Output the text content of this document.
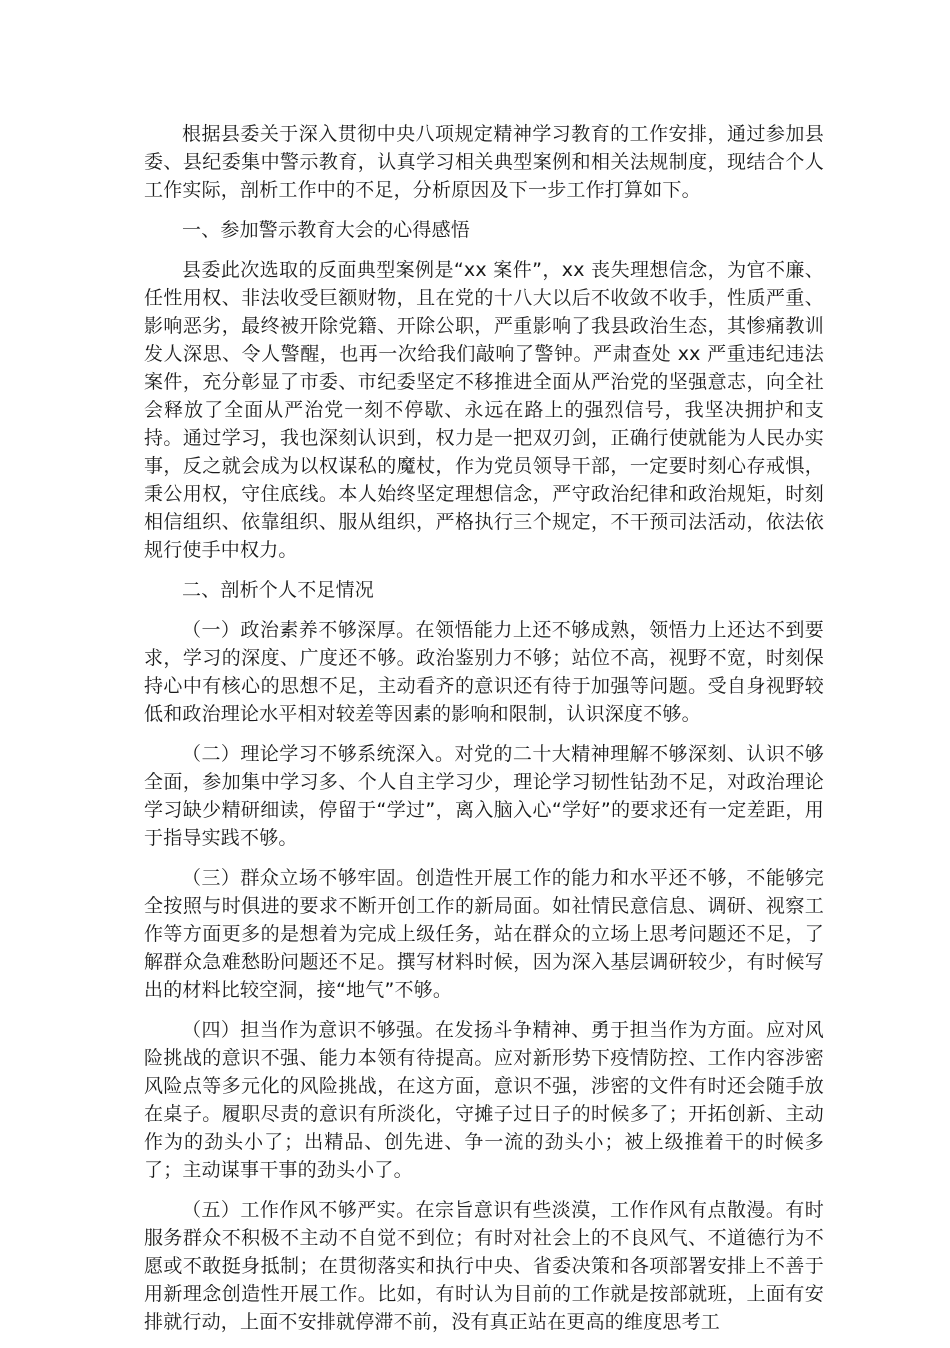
根据县委关于深入贯彻中央八项规定精神学习教育的工作安排，通过参加县委、县纪委集中警示教育，认真学习相关典型案例和相关法规制度，现结合个人工作实际，剖析工作中的不足，分析原因及下一步工作打算如下。

一、参加警示教育大会的心得感悟

县委此次选取的反面典型案例是“xx 案件”，xx 丧失理想信念，为官不廉、任性用权、非法收受巨额财物，且在党的十八大以后不收敛不收手，性质严重、影响恶劣，最终被开除党籍、开除公职，严重影响了我县政治生态，其惨痛教训发人深思、令人警醒，也再一次给我们敲响了警钟。严肃查处 xx 严重违纪违法案件，充分彰显了市委、市纪委坚定不移推进全面从严治党的坚强意志，向全社会释放了全面从严治党一刻不停歇、永远在路上的强烈信号，我坚决拥护和支持。通过学习，我也深刻认识到，权力是一把双刃剑，正确行使就能为人民办实事，反之就会成为以权谋私的魔杖，作为党员领导干部，一定要时刻心存戒惧，秉公用权，守住底线。本人始终坚定理想信念，严守政治纪律和政治规矩，时刻相信组织、依靠组织、服从组织，严格执行三个规定，不干预司法活动，依法依规行使手中权力。

二、剖析个人不足情况

（一）政治素养不够深厚。在领悟能力上还不够成熟，领悟力上还达不到要求，学习的深度、广度还不够。政治鉴别力不够；站位不高，视野不宽，时刻保持心中有核心的思想不足，主动看齐的意识还有待于加强等问题。受自身视野较低和政治理论水平相对较差等因素的影响和限制，认识深度不够。

（二）理论学习不够系统深入。对党的二十大精神理解不够深刻、认识不够全面，参加集中学习多、个人自主学习少，理论学习韧性钻劲不足，对政治理论学习缺少精研细读，停留于“学过”，离入脑入心“学好”的要求还有一定差距，用于指导实践不够。

（三）群众立场不够牢固。创造性开展工作的能力和水平还不够，不能够完全按照与时俱进的要求不断开创工作的新局面。如社情民意信息、调研、视察工作等方面更多的是想着为完成上级任务，站在群众的立场上思考问题还不足，了解群众急难愁盼问题还不足。撰写材料时候，因为深入基层调研较少，有时候写出的材料比较空洞，接“地气”不够。

（四）担当作为意识不够强。在发扬斗争精神、勇于担当作为方面。应对风险挑战的意识不强、能力本领有待提高。应对新形势下疫情防控、工作内容涉密风险点等多元化的风险挑战，在这方面，意识不强，涉密的文件有时还会随手放在桌子。履职尽责的意识有所淡化，守摊子过日子的时候多了；开拓创新、主动作为的劲头小了；出精品、创先进、争一流的劲头小；被上级推着干的时候多了；主动谋事干事的劲头小了。

（五）工作作风不够严实。在宗旨意识有些淡漠，工作作风有点散漫。有时服务群众不积极不主动不自觉不到位；有时对社会上的不良风气、不道德行为不愿或不敢挺身抵制；在贯彻落实和执行中央、省委决策和各项部署安排上不善于用新理念创造性开展工作。比如，有时认为目前的工作就是按部就班，上面有安排就行动，上面不安排就停滞不前，没有真正站在更高的维度思考工
